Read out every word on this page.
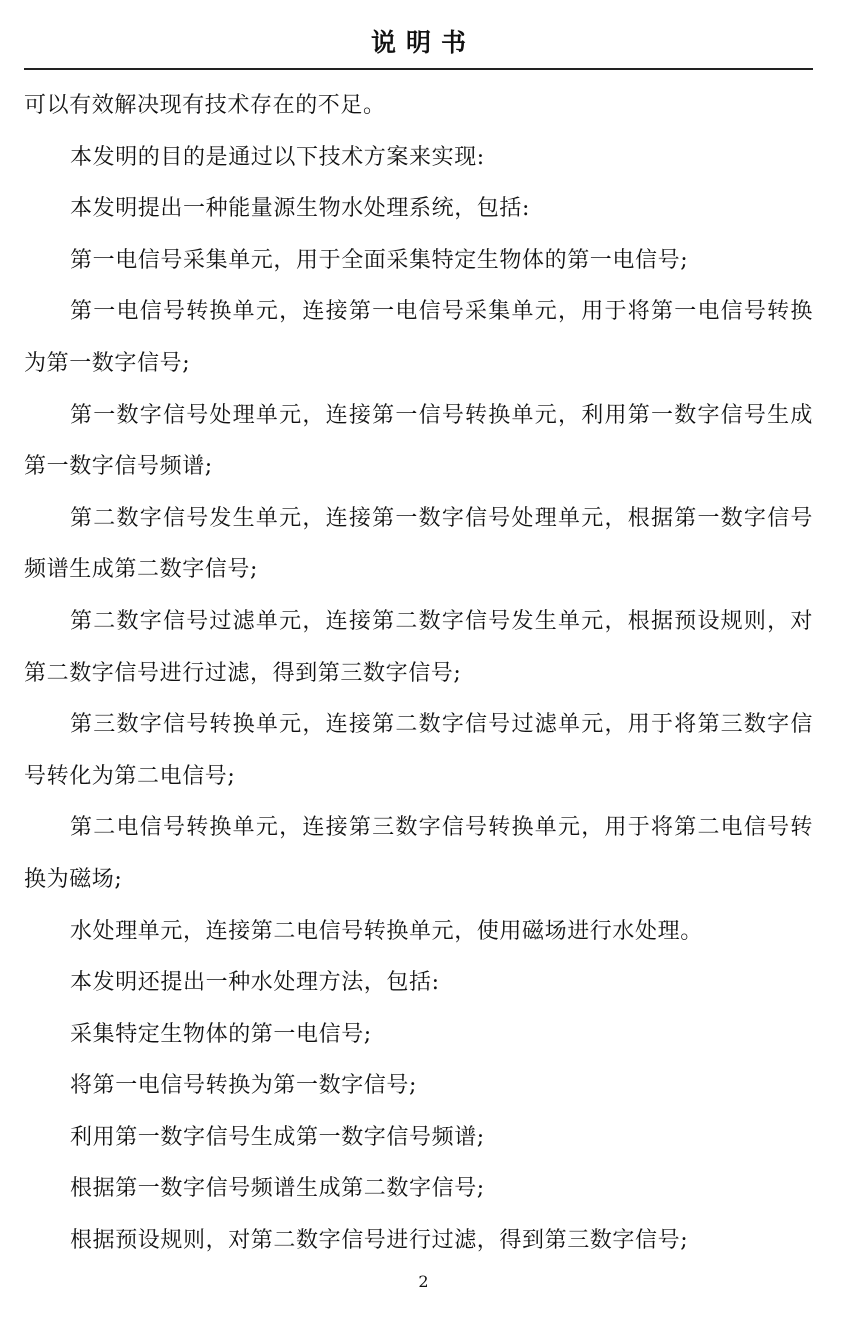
说明书

可以有效解决现有技术存在的不足。

本发明的目的是通过以下技术方案来实现:

本发明提出一种能量源生物水处理系统，包括:

第一电信号采集单元，用于全面采集特定生物体的第一电信号;

第一电信号转换单元，连接第一电信号采集单元，用于将第一电信号转换为第一数字信号;

第一数字信号处理单元，连接第一信号转换单元，利用第一数字信号生成第一数字信号频谱;

第二数字信号发生单元，连接第一数字信号处理单元，根据第一数字信号频谱生成第二数字信号;

第二数字信号过滤单元，连接第二数字信号发生单元，根据预设规则，对第二数字信号进行过滤，得到第三数字信号;

第三数字信号转换单元，连接第二数字信号过滤单元，用于将第三数字信号转化为第二电信号;

第二电信号转换单元，连接第三数字信号转换单元，用于将第二电信号转换为磁场;

水处理单元，连接第二电信号转换单元，使用磁场进行水处理。

本发明还提出一种水处理方法，包括:

采集特定生物体的第一电信号;

将第一电信号转换为第一数字信号;

利用第一数字信号生成第一数字信号频谱;

根据第一数字信号频谱生成第二数字信号;

根据预设规则，对第二数字信号进行过滤，得到第三数字信号;

2
